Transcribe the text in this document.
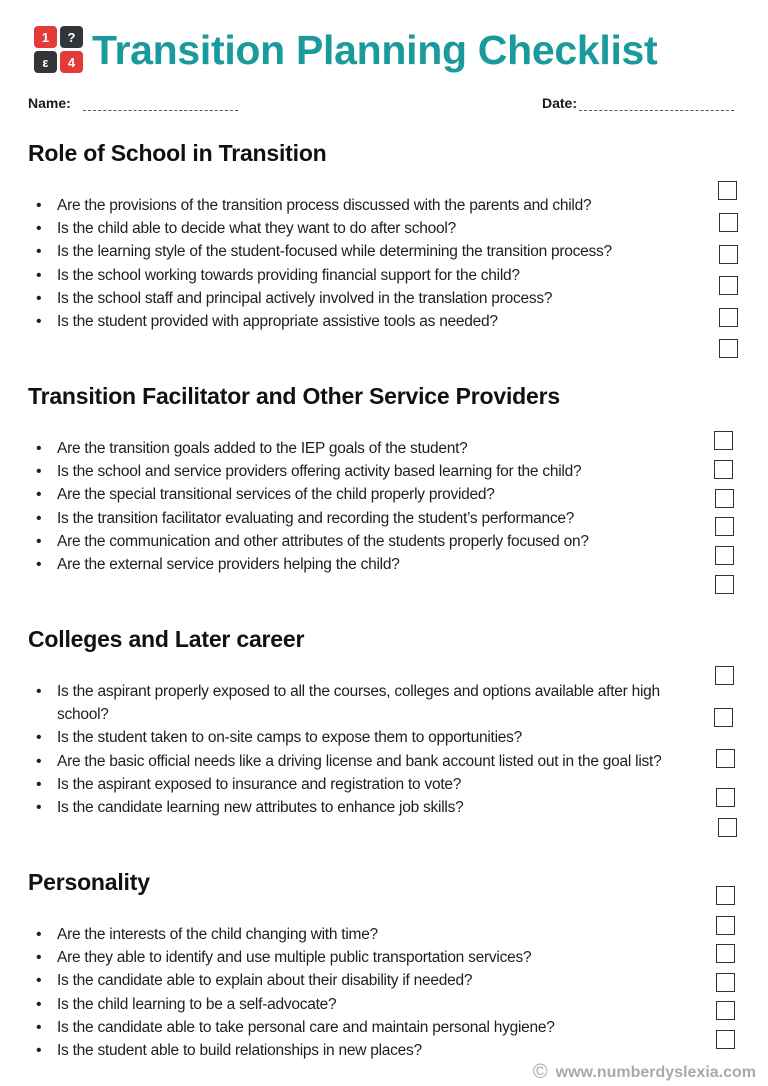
1	?
ε	4 Transition Planning Checklist
Name:	Date:
Role of School in Transition
• Are the provisions of the transition process discussed with the parents and child?
• Is the child able to decide what they want to do after school?
• Is the learning style of the student-focused while determining the transition process?
• Is the school working towards providing financial support for the child?
• Is the school staff and principal actively involved in the translation process?
• Is the student provided with appropriate assistive tools as needed?
Transition Facilitator and Other Service Providers
• Are the transition goals added to the IEP goals of the student?
• Is the school and service providers offering activity based learning for the child?
• Are the special transitional services of the child properly provided?
• Is the transition facilitator evaluating and recording the student’s performance?
• Are the communication and other attributes of the students properly focused on?
• Are the external service providers helping the child?
Colleges and Later career
• Is the aspirant properly exposed to all the courses, colleges and options available after high school?
• Is the student taken to on-site camps to expose them to opportunities?
• Are the basic official needs like a driving license and bank account listed out in the goal list?
• Is the aspirant exposed to insurance and registration to vote?
• Is the candidate learning new attributes to enhance job skills?
Personality
• Are the interests of the child changing with time?
• Are they able to identify and use multiple public transportation services?
• Is the candidate able to explain about their disability if needed?
• Is the child learning to be a self-advocate?
• Is the candidate able to take personal care and maintain personal hygiene?
• Is the student able to build relationships in new places?
© www.numberdyslexia.com
